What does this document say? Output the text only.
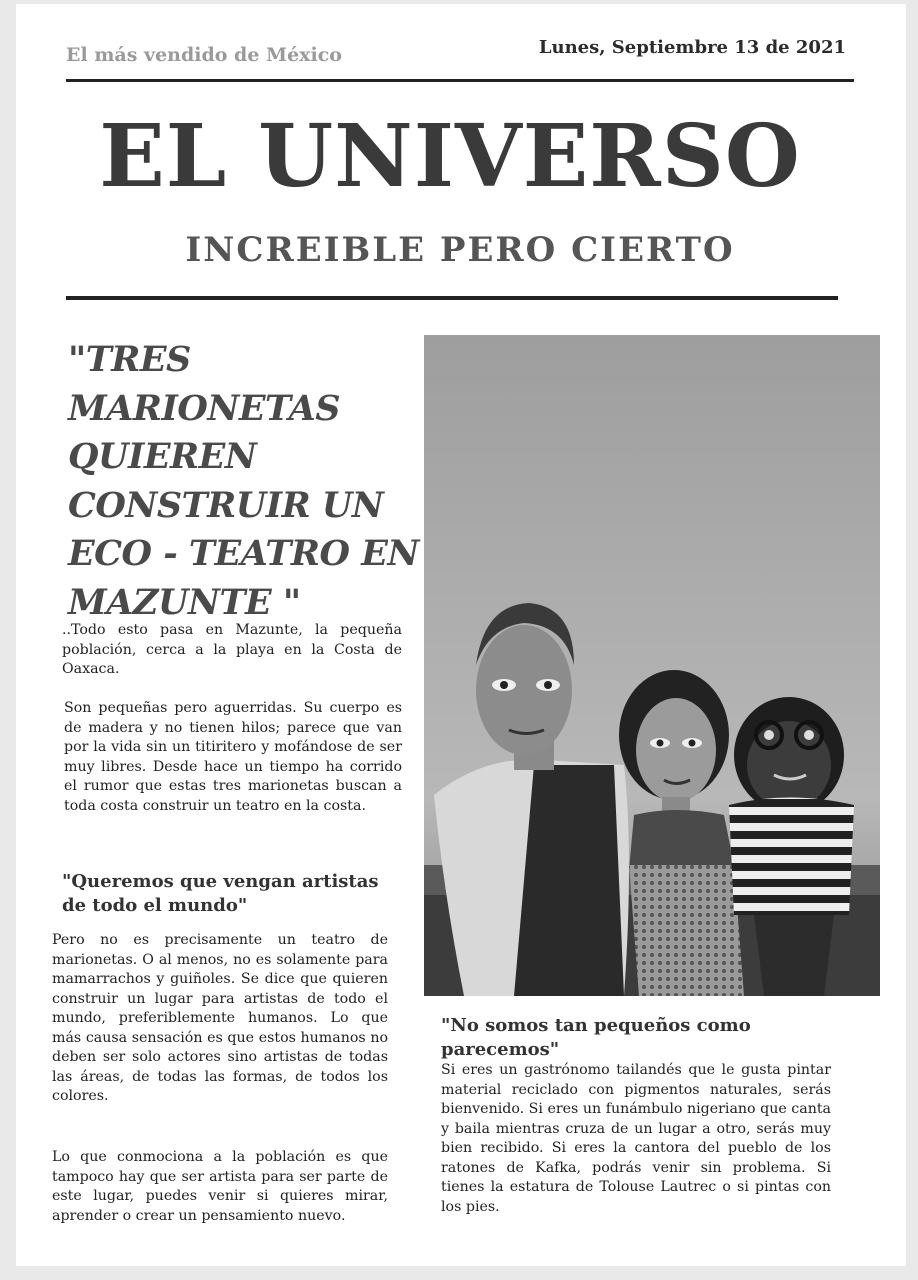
El más vendido de México	Lunes, Septiembre 13 de 2021
EL UNIVERSO
INCREIBLE PERO CIERTO
"TRES MARIONETAS QUIEREN CONSTRUIR UN ECO - TEATRO EN MAZUNTE "
..Todo esto pasa en Mazunte, la pequeña población, cerca a la playa en la Costa de Oaxaca.
Son pequeñas pero aguerridas. Su cuerpo es de madera y no tienen hilos; parece que van por la vida sin un titiritero y mofándose de ser muy libres. Desde hace un tiempo ha corrido el rumor que estas tres marionetas buscan a toda costa construir un teatro en la costa.
"Queremos que vengan artistas de todo el mundo"
Pero no es precisamente un teatro de marionetas. O al menos, no es solamente para mamarrachos y guiñoles. Se dice que quieren construir un lugar para artistas de todo el mundo, preferiblemente humanos. Lo que más causa sensación es que estos humanos no deben ser solo actores sino artistas de todas las áreas, de todas las formas, de todos los colores.
Lo que conmociona a la población es que tampoco hay que ser artista para ser parte de este lugar, puedes venir si quieres mirar, aprender o crear un pensamiento nuevo.
"No somos tan pequeños como parecemos"
Si eres un gastrónomo tailandés que le gusta pintar material reciclado con pigmentos naturales, serás bienvenido. Si eres un funámbulo nigeriano que canta y baila mientras cruza de un lugar a otro, serás muy bien recibido. Si eres la cantora del pueblo de los ratones de Kafka, podrás venir sin problema. Si tienes la estatura de Tolouse Lautrec o si pintas con los pies.
